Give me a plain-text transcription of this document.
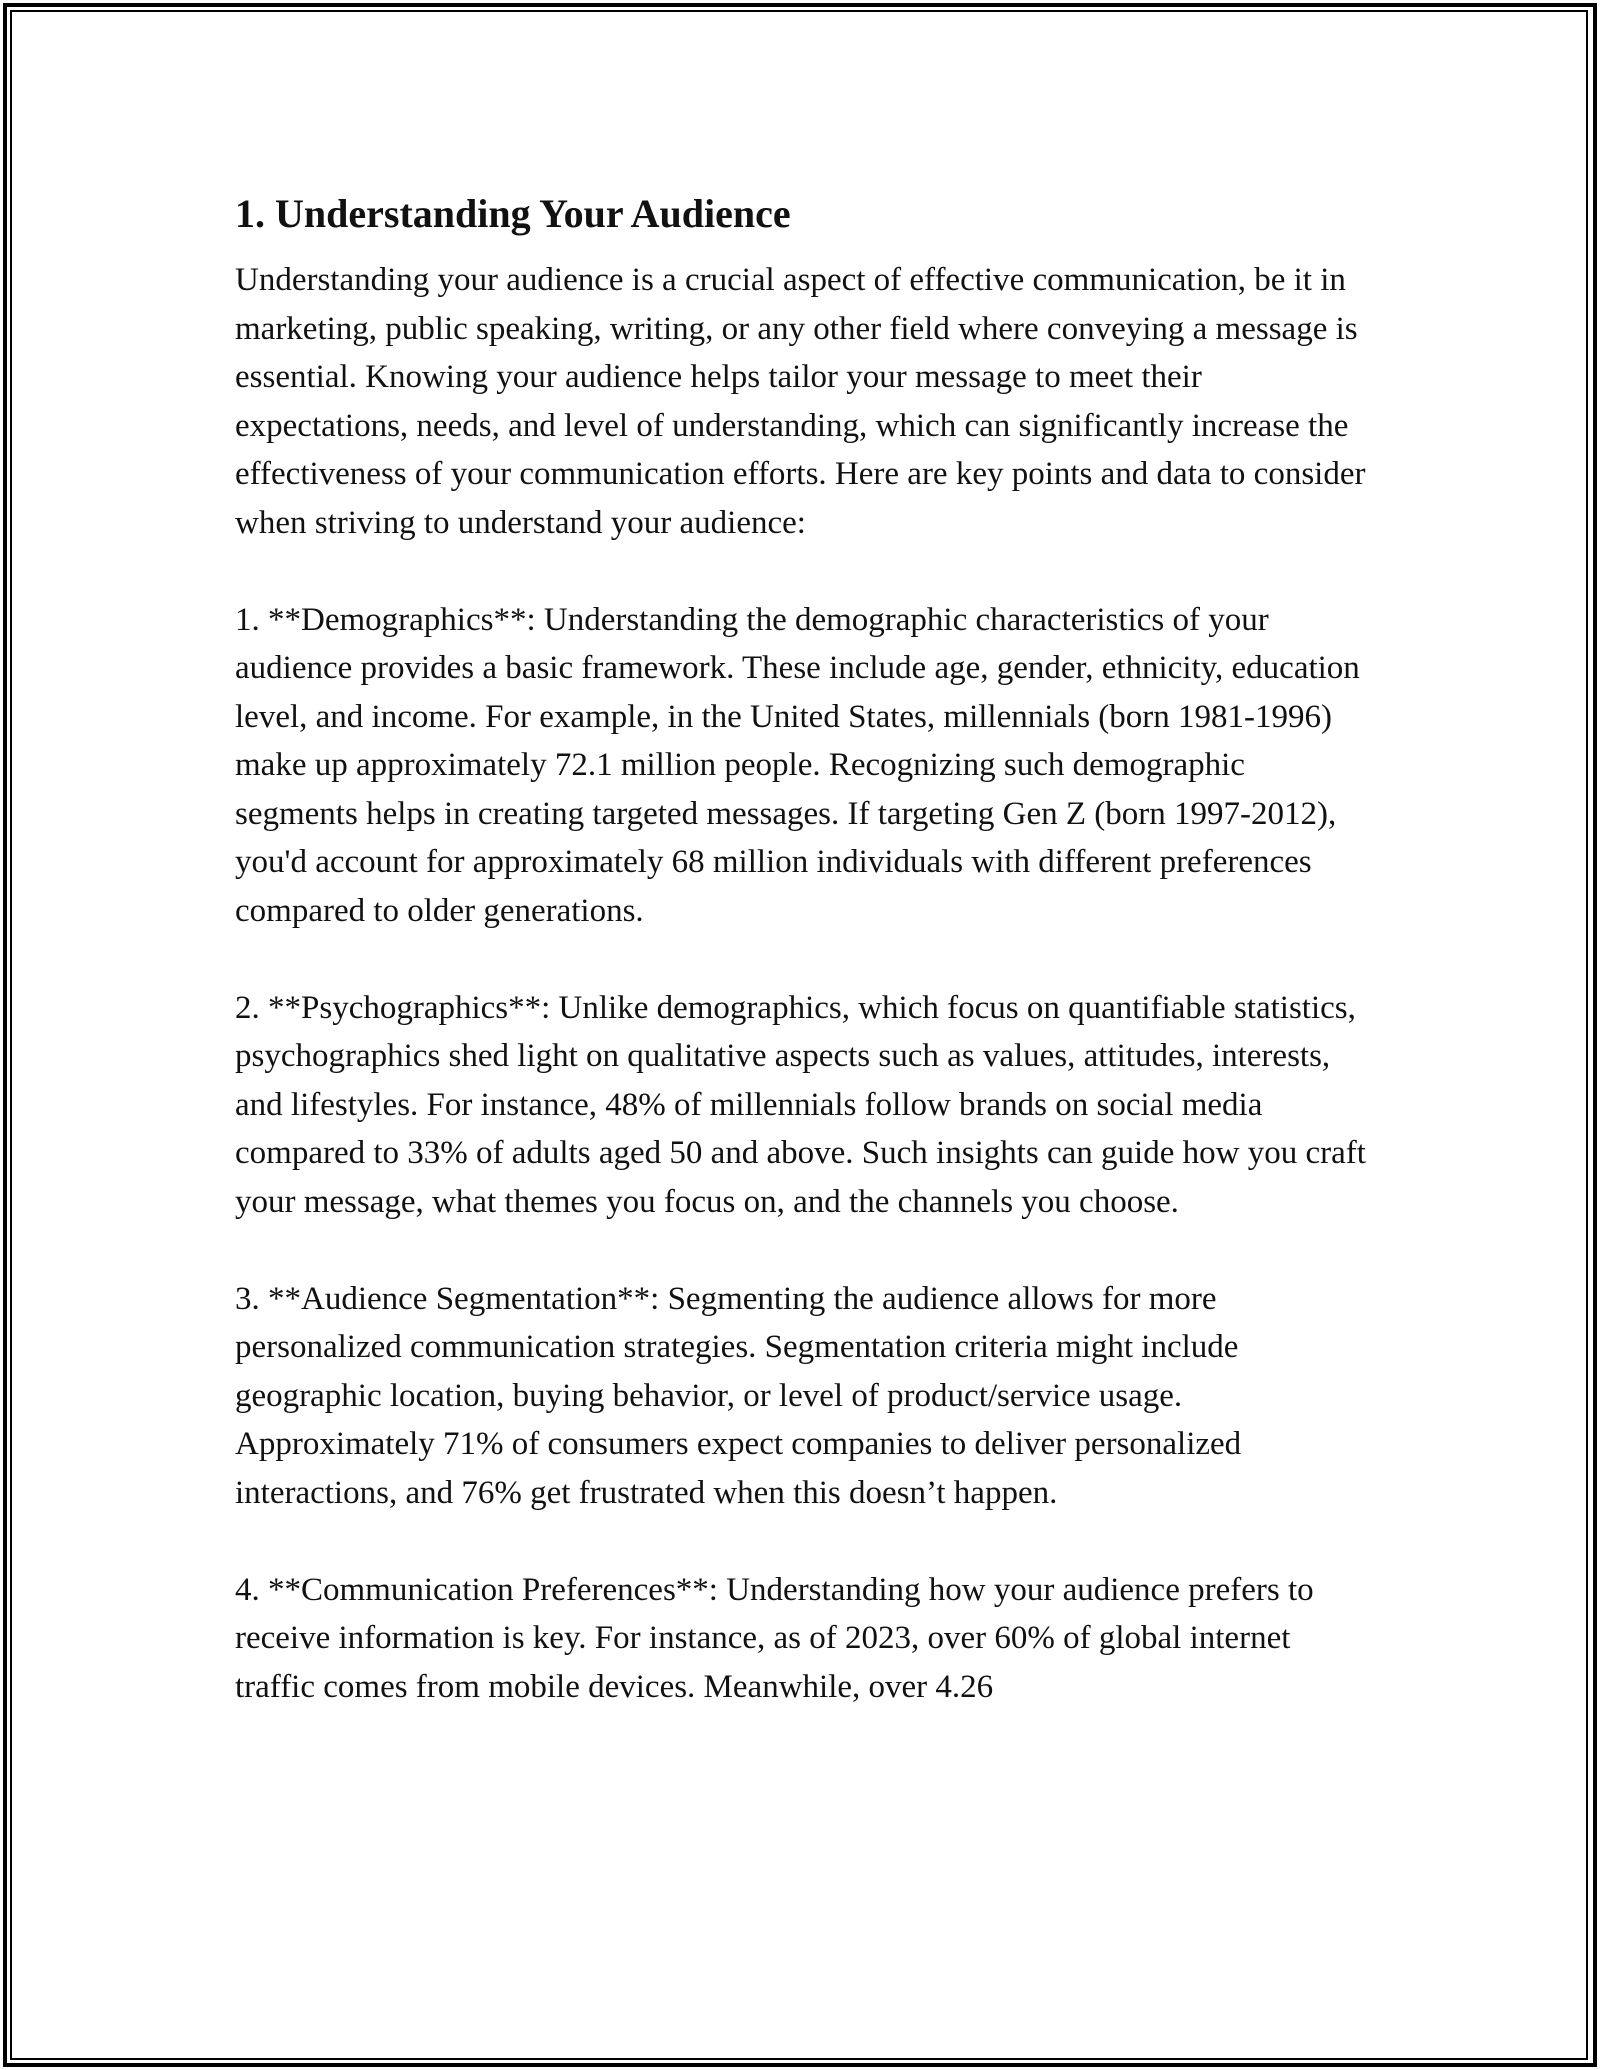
1. Understanding Your Audience

Understanding your audience is a crucial aspect of effective communication, be it in marketing, public speaking, writing, or any other field where conveying a message is essential. Knowing your audience helps tailor your message to meet their expectations, needs, and level of understanding, which can significantly increase the effectiveness of your communication efforts. Here are key points and data to consider when striving to understand your audience:

1. **Demographics**: Understanding the demographic characteristics of your audience provides a basic framework. These include age, gender, ethnicity, education level, and income. For example, in the United States, millennials (born 1981-1996) make up approximately 72.1 million people. Recognizing such demographic segments helps in creating targeted messages. If targeting Gen Z (born 1997-2012), you'd account for approximately 68 million individuals with different preferences compared to older generations.

2. **Psychographics**: Unlike demographics, which focus on quantifiable statistics, psychographics shed light on qualitative aspects such as values, attitudes, interests, and lifestyles. For instance, 48% of millennials follow brands on social media compared to 33% of adults aged 50 and above. Such insights can guide how you craft your message, what themes you focus on, and the channels you choose.

3. **Audience Segmentation**: Segmenting the audience allows for more personalized communication strategies. Segmentation criteria might include geographic location, buying behavior, or level of product/service usage. Approximately 71% of consumers expect companies to deliver personalized interactions, and 76% get frustrated when this doesn’t happen.

4. **Communication Preferences**: Understanding how your audience prefers to receive information is key. For instance, as of 2023, over 60% of global internet traffic comes from mobile devices. Meanwhile, over 4.26
